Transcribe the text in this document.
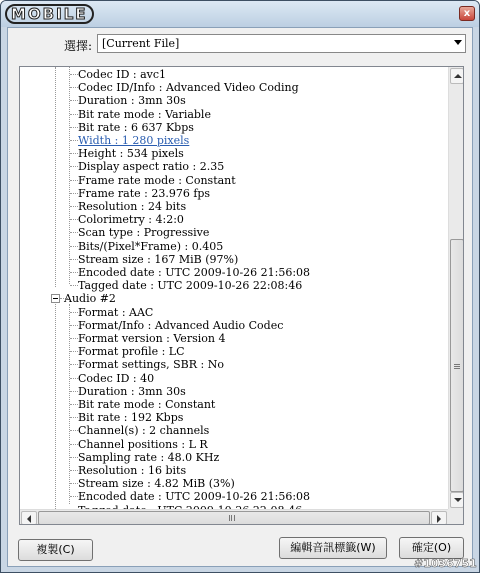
MOBILE	x
選擇: [Current File]
Audio #2
Codec ID : avc1
Codec ID/Info : Advanced Video Coding
Duration : 3mn 30s
Bit rate mode : Variable
Bit rate : 6 637 Kbps
Width : 1 280 pixels
Height : 534 pixels
Display aspect ratio : 2.35
Frame rate mode : Constant
Frame rate : 23.976 fps
Resolution : 24 bits
Colorimetry : 4:2:0
Scan type : Progressive
Bits/(Pixel*Frame) : 0.405
Stream size : 167 MiB (97%)
Encoded date : UTC 2009-10-26 21:56:08
Tagged date : UTC 2009-10-26 22:08:46
Format : AAC
Format/Info : Advanced Audio Codec
Format version : Version 4
Format profile : LC
Format settings, SBR : No
Codec ID : 40
Duration : 3mn 30s
Bit rate mode : Constant
Bit rate : 192 Kbps
Channel(s) : 2 channels
Channel positions : L R
Sampling rate : 48.0 KHz
Resolution : 16 bits
Stream size : 4.82 MiB (3%)
Encoded date : UTC 2009-10-26 21:56:08
複製(C)	編輯音訊標籤(W)	確定(O)
#1036751
